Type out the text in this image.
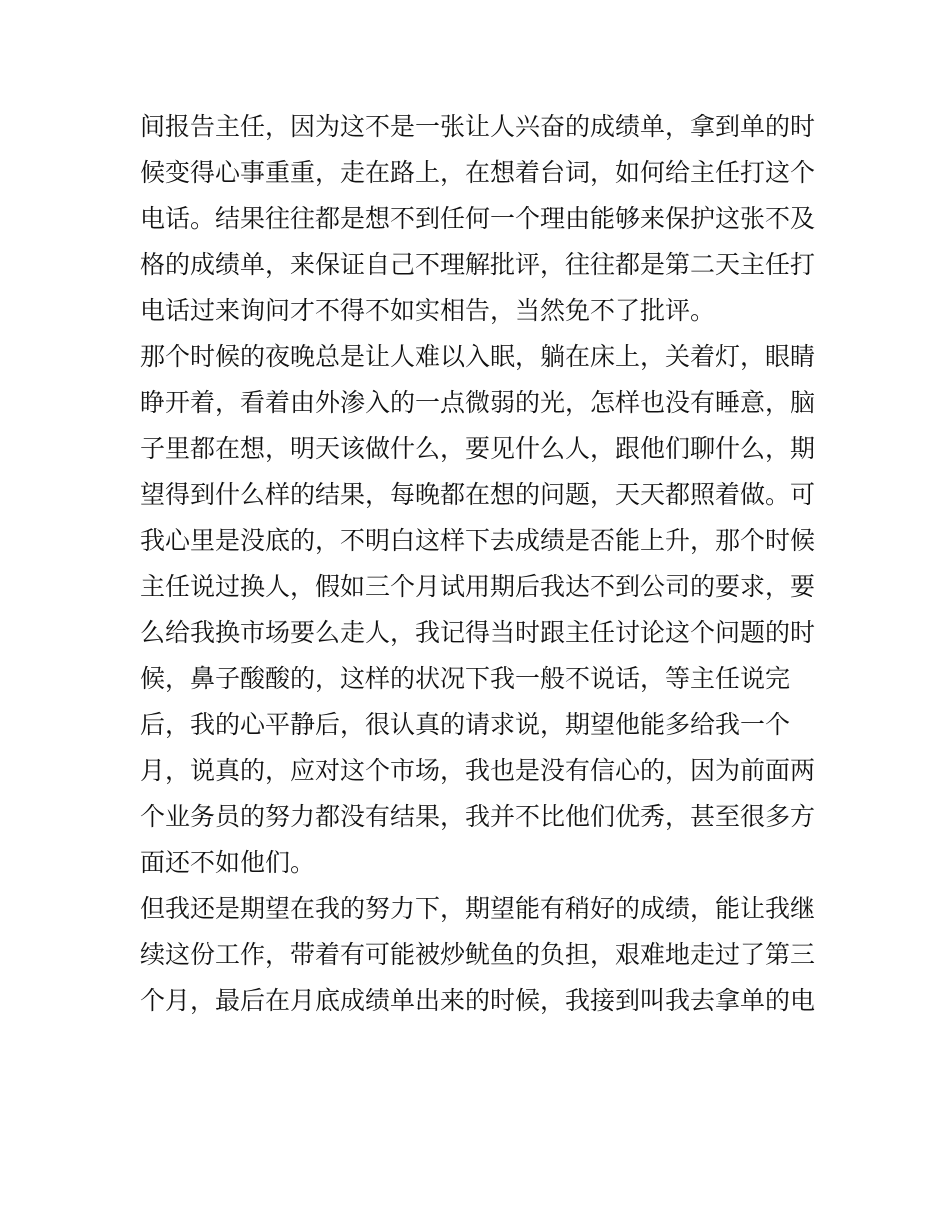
间报告主任，因为这不是一张让人兴奋的成绩单，拿到单的时
候变得心事重重，走在路上，在想着台词，如何给主任打这个
电话。结果往往都是想不到任何一个理由能够来保护这张不及
格的成绩单，来保证自己不理解批评，往往都是第二天主任打
电话过来询问才不得不如实相告，当然免不了批评。
那个时候的夜晚总是让人难以入眠，躺在床上，关着灯，眼睛
睁开着，看着由外渗入的一点微弱的光，怎样也没有睡意，脑
子里都在想，明天该做什么，要见什么人，跟他们聊什么，期
望得到什么样的结果，每晚都在想的问题，天天都照着做。可
我心里是没底的，不明白这样下去成绩是否能上升，那个时候
主任说过换人，假如三个月试用期后我达不到公司的要求，要
么给我换市场要么走人，我记得当时跟主任讨论这个问题的时
候，鼻子酸酸的，这样的状况下我一般不说话，等主任说完
后，我的心平静后，很认真的请求说，期望他能多给我一个
月，说真的，应对这个市场，我也是没有信心的，因为前面两
个业务员的努力都没有结果，我并不比他们优秀，甚至很多方
面还不如他们。
但我还是期望在我的努力下，期望能有稍好的成绩，能让我继
续这份工作，带着有可能被炒鱿鱼的负担，艰难地走过了第三
个月，最后在月底成绩单出来的时候，我接到叫我去拿单的电
